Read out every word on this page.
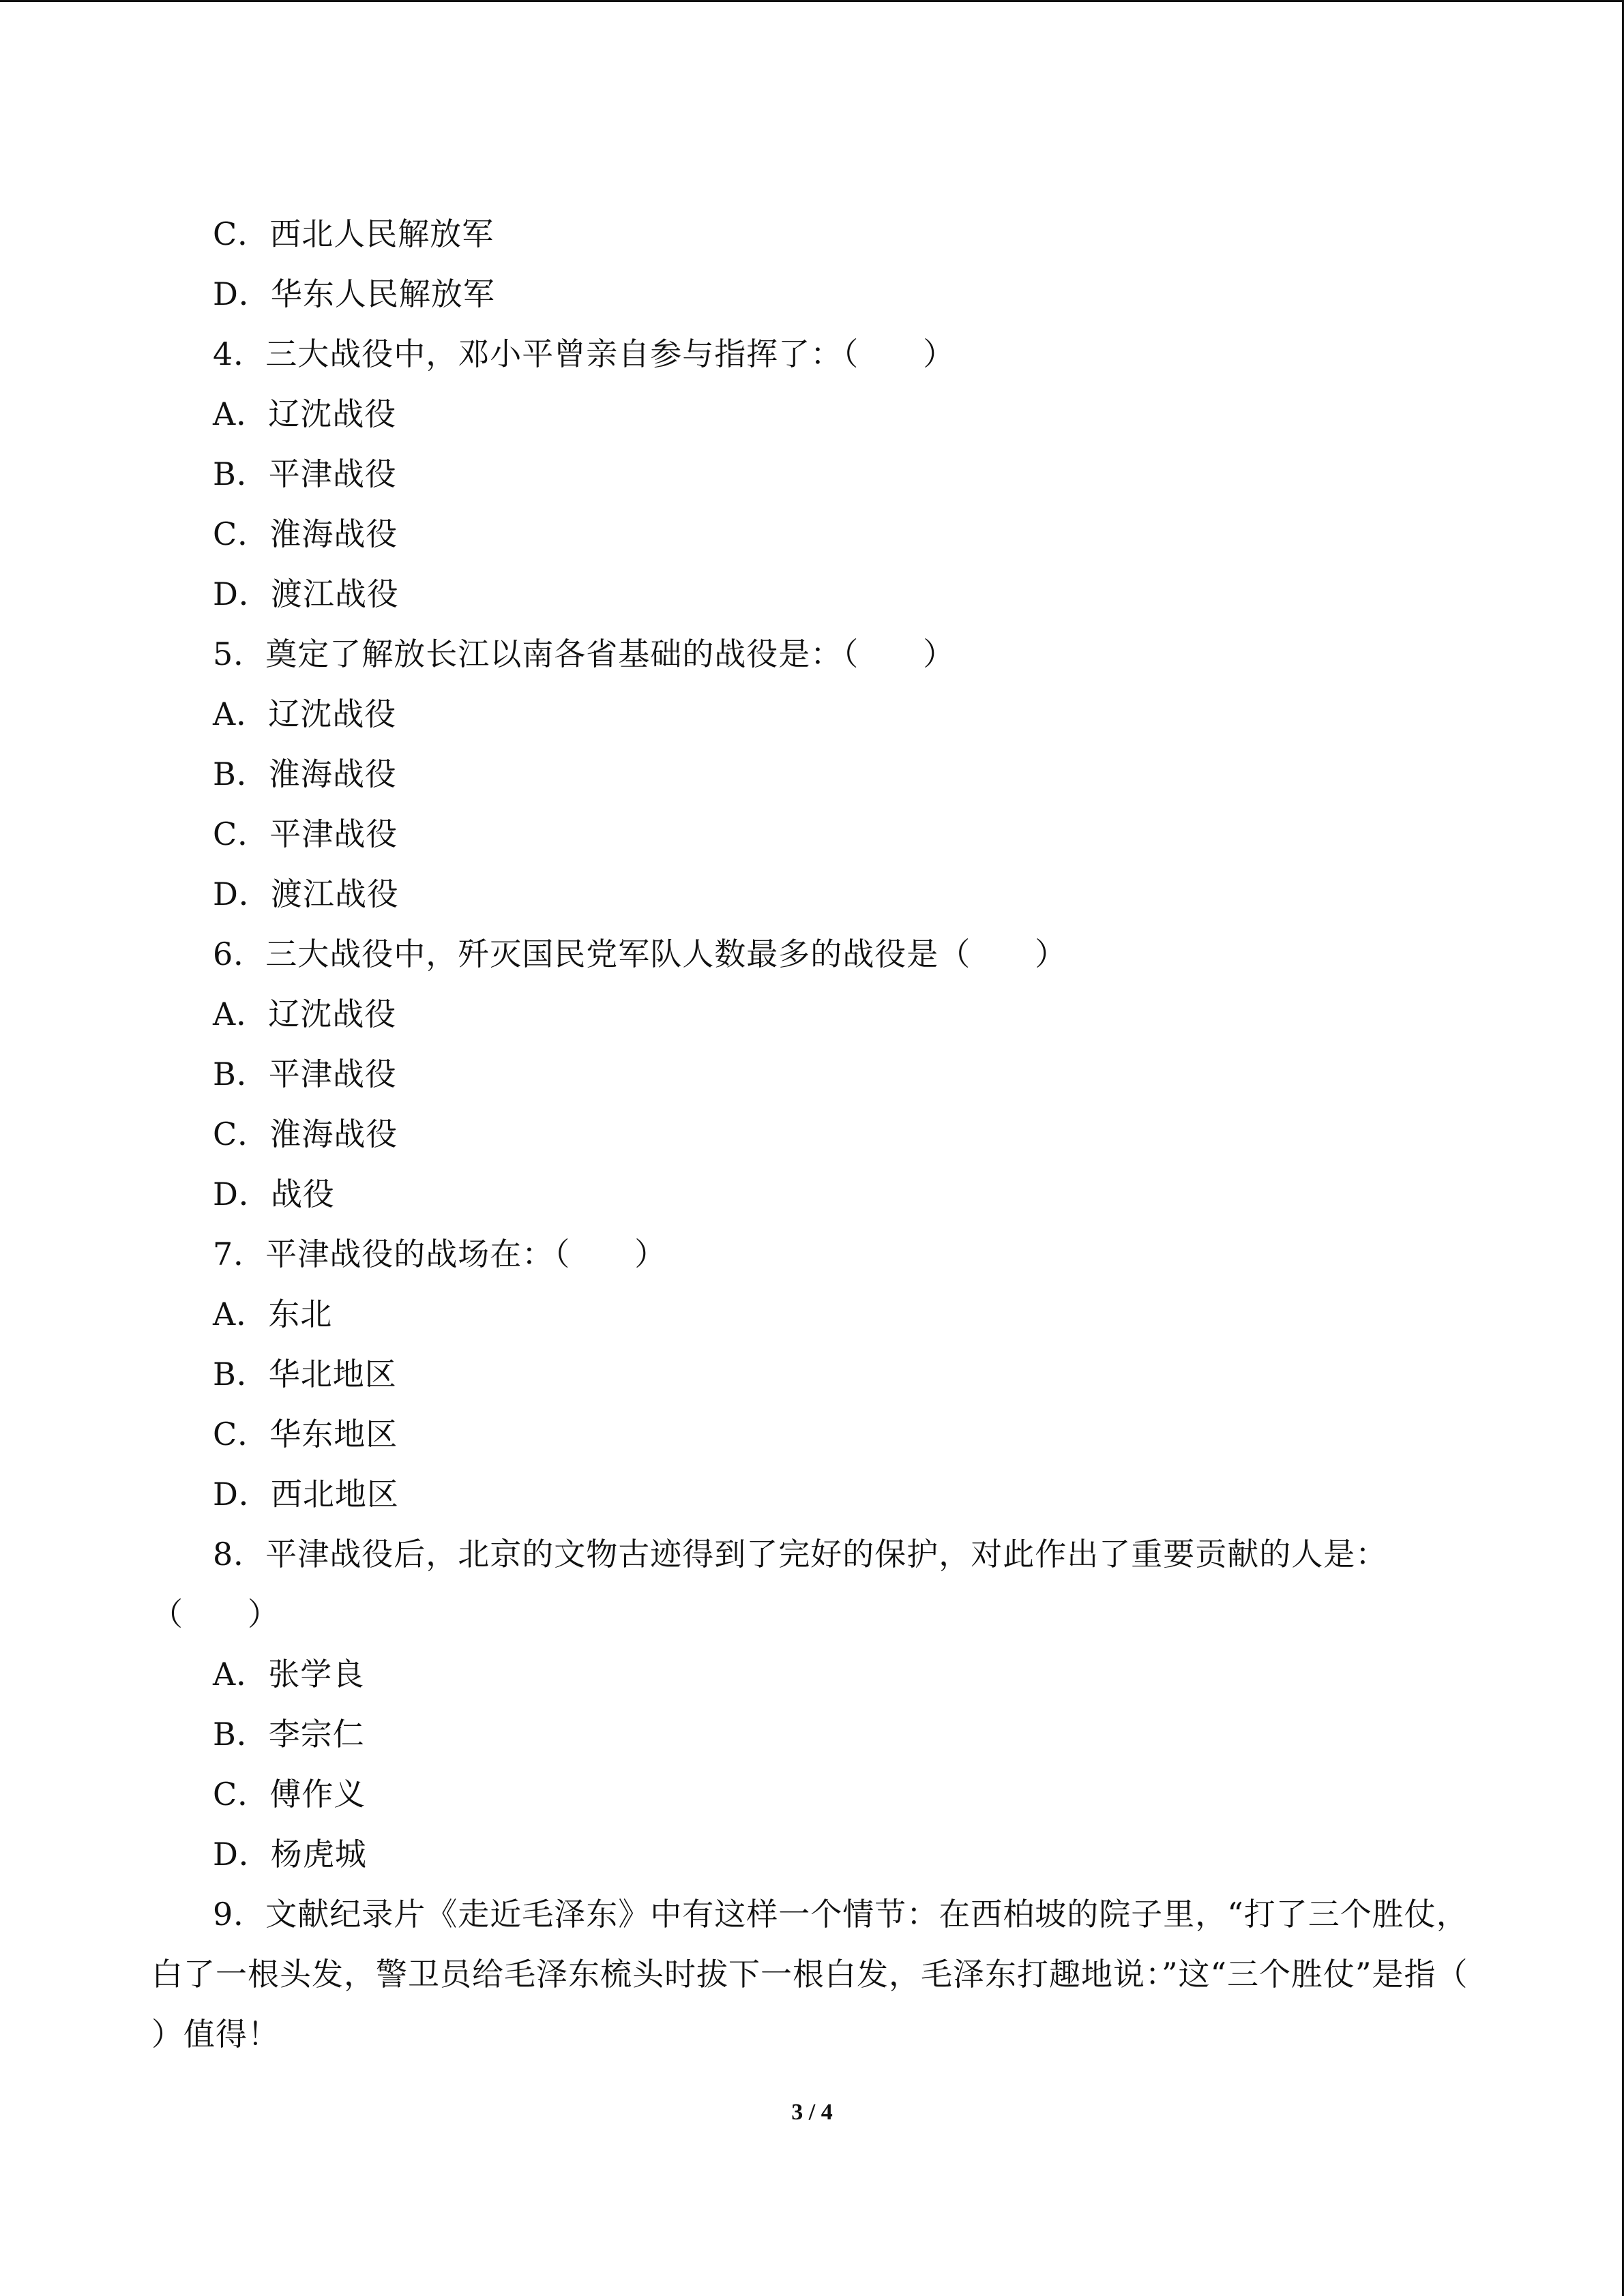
C．西北人民解放军
D．华东人民解放军
4．三大战役中，邓小平曾亲自参与指挥了：（　　）
A．辽沈战役
B．平津战役
C．淮海战役
D．渡江战役
5．奠定了解放长江以南各省基础的战役是：（　　）
A．辽沈战役
B．淮海战役
C．平津战役
D．渡江战役
6．三大战役中，歼灭国民党军队人数最多的战役是（　　）
A．辽沈战役
B．平津战役
C．淮海战役
D．战役
7．平津战役的战场在：（　　）
A．东北
B．华北地区
C．华东地区
D．西北地区
8．平津战役后，北京的文物古迹得到了完好的保护，对此作出了重要贡献的人是：
（　　）
A．张学良
B．李宗仁
C．傅作义
D．杨虎城
9．文献纪录片《走近毛泽东》中有这样一个情节：在西柏坡的院子里，“打了三个胜仗，白了一根头发，警卫员给毛泽东梳头时拔下一根白发，毛泽东打趣地说：”这“三个胜仗”是指（　　）值得！
3 / 4
